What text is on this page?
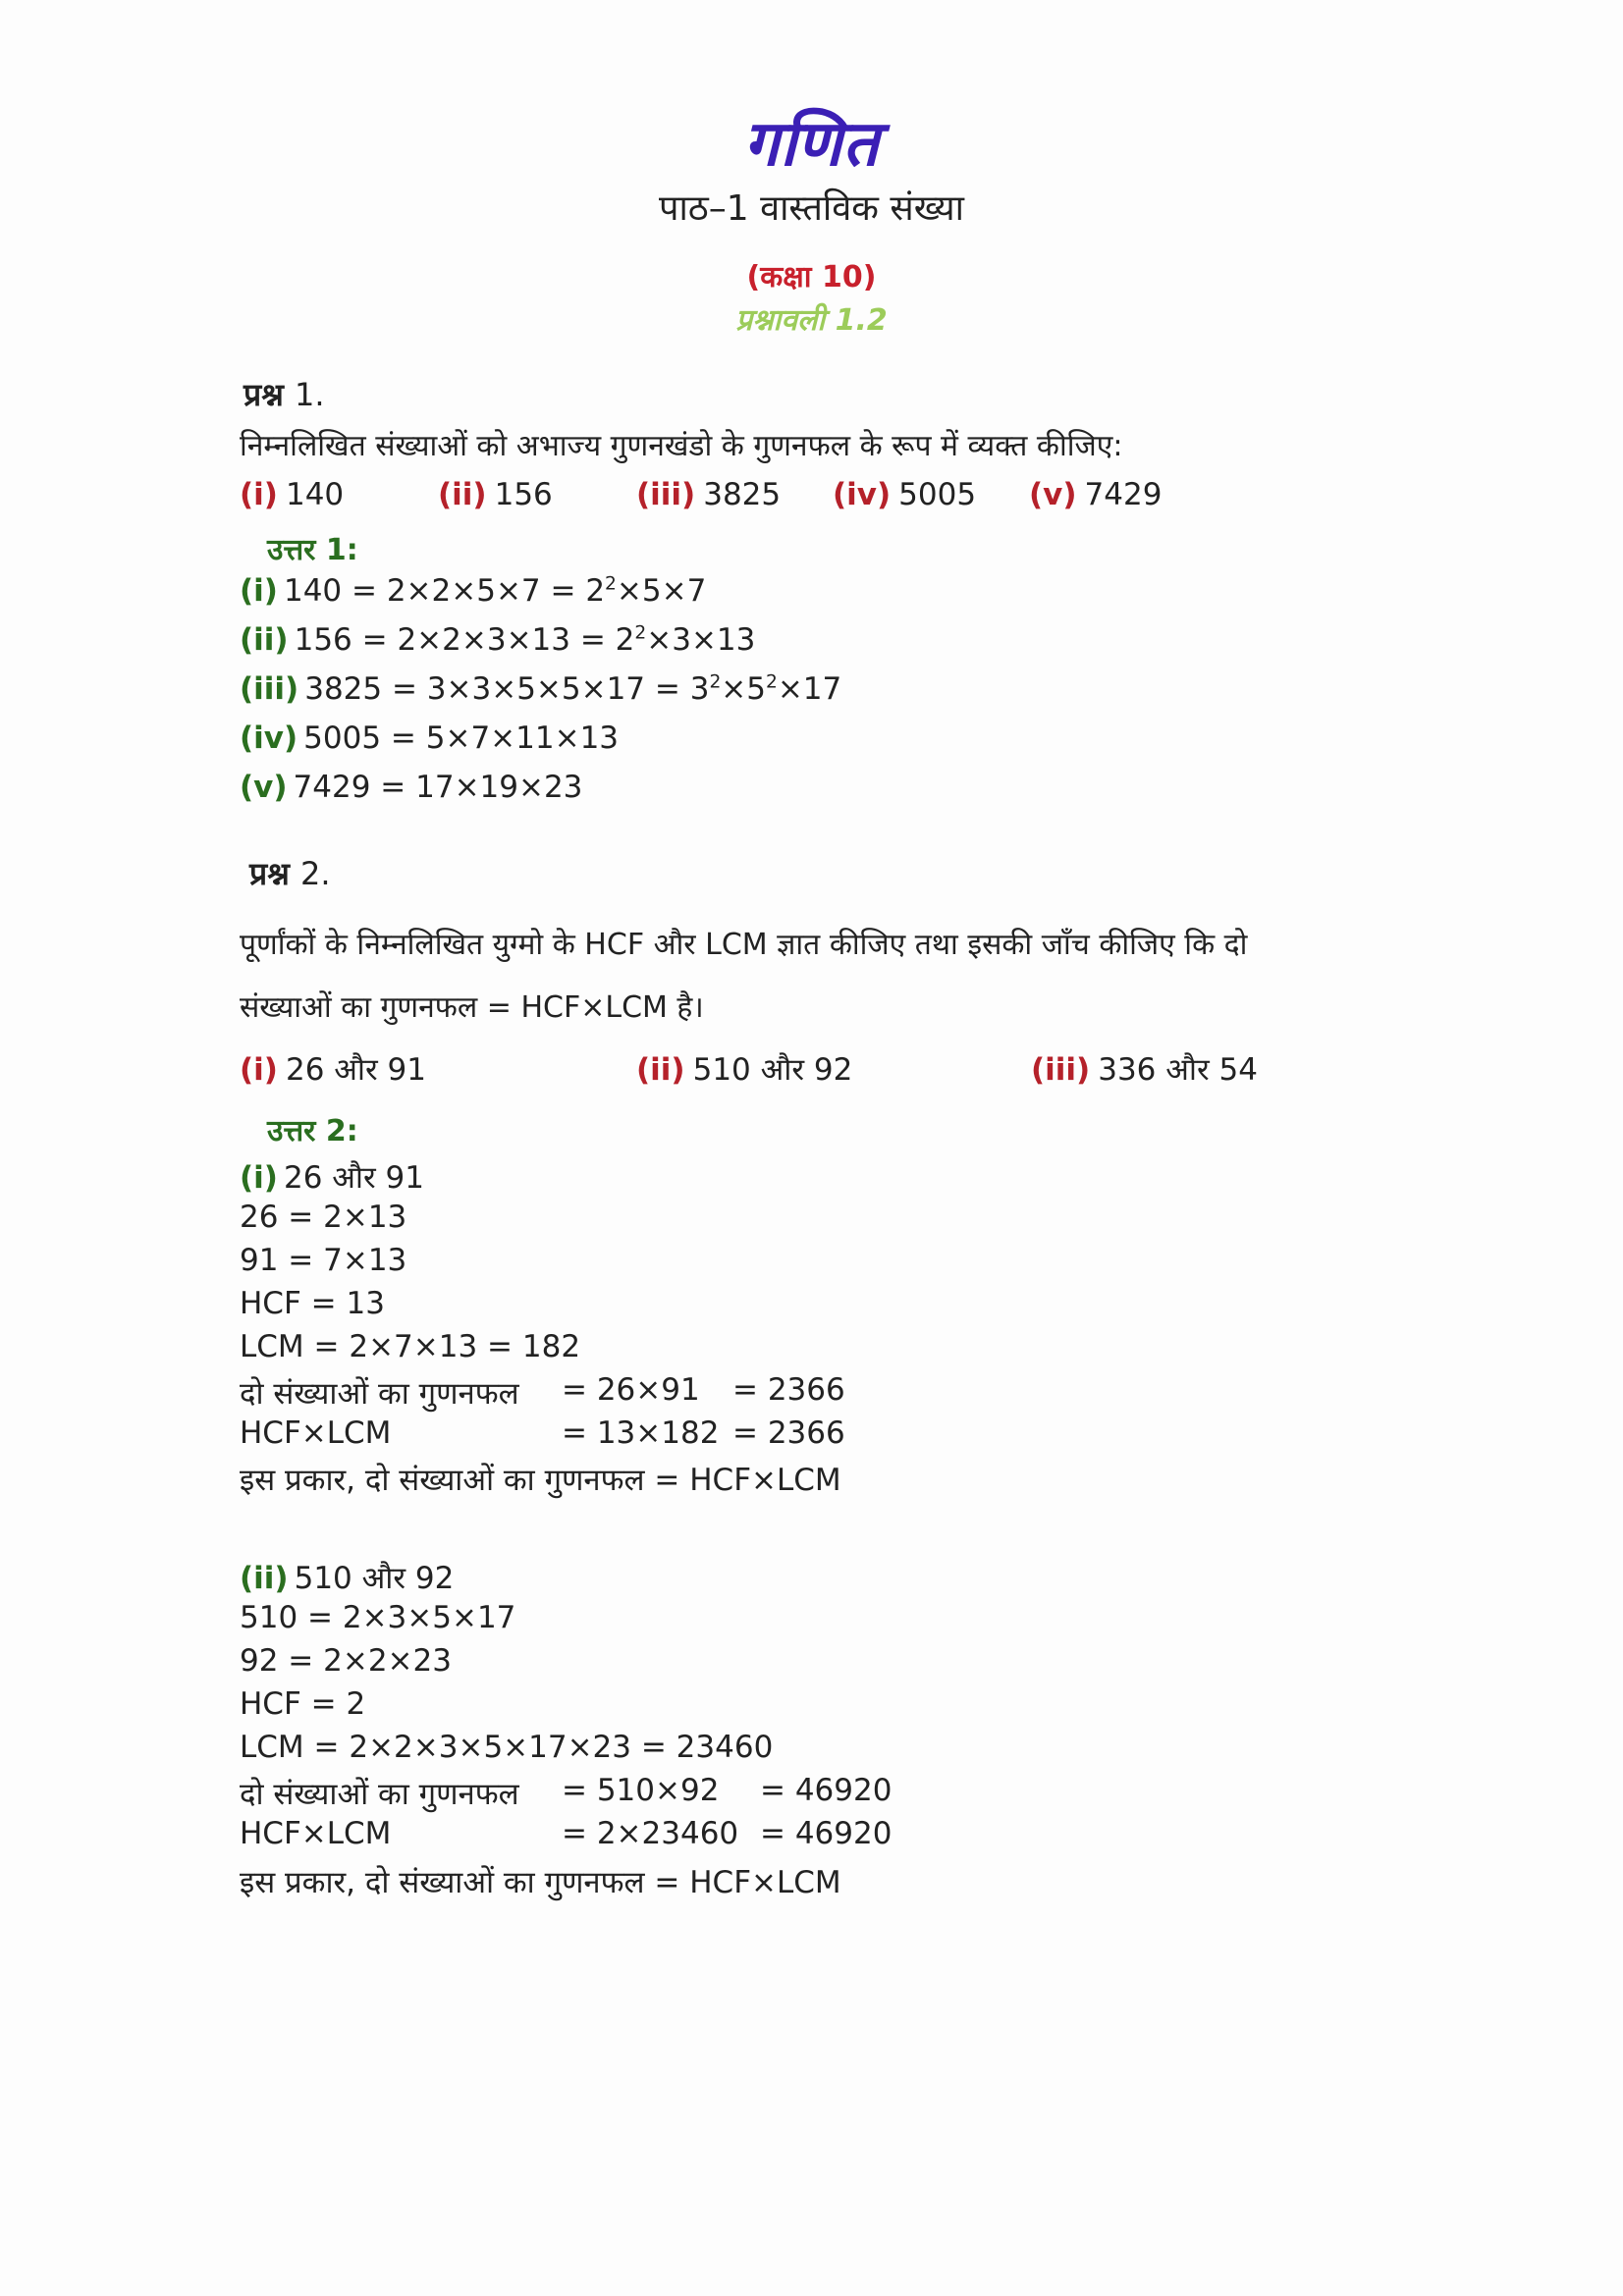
गणित
पाठ–1 वास्तविक संख्या
(कक्षा 10)
प्रश्नावली 1.2
प्रश्न 1.
निम्नलिखित संख्याओं को अभाज्य गुणनखंडो के गुणनफल के रूप में व्यक्त कीजिए:
(i) 140	(ii) 156	(iii) 3825 (iv) 5005 (v) 7429
उत्तर 1:
(i) $140 = 2\times 2\times 5\times 7 = 2^2\times 5\times 7$
(ii) $156 = 2\times 2\times 3\times 13 = 2^2\times 3\times 13$
(iii) $3825 = 3\times 3\times 5\times 5\times 17 = 3^2\times 5^2\times 17$
(iv) 5005 = 5×7×11×13
(v) 7429 = 17×19×23
प्रश्न 2.
पूर्णांकों के निम्नलिखित युग्मो के HCF और LCM ज्ञात कीजिए तथा इसकी जाँच कीजिए कि दो
संख्याओं का गुणनफल = HCF×LCM है।
(i) 26 और 91	(ii) 510 और 92	(iii) 336 और 54
उत्तर 2:
(i) 26 और 91
26 = 2×13
91 = 7×13
HCF = 13
LCM = 2×7×13 = 182
दो संख्याओं का गुणनफल = 26×91 = 2366
HCF×LCM	= 13×182 = 2366
इस प्रकार, दो संख्याओं का गुणनफल = HCF×LCM
(ii) 510 और 92
510 = 2×3×5×17
92 = 2×2×23
HCF = 2
LCM = 2×2×3×5×17×23 = 23460
दो संख्याओं का गुणनफल = 510×92 = 46920
HCF×LCM	= 2×23460 = 46920
इस प्रकार, दो संख्याओं का गुणनफल = HCF×LCM
